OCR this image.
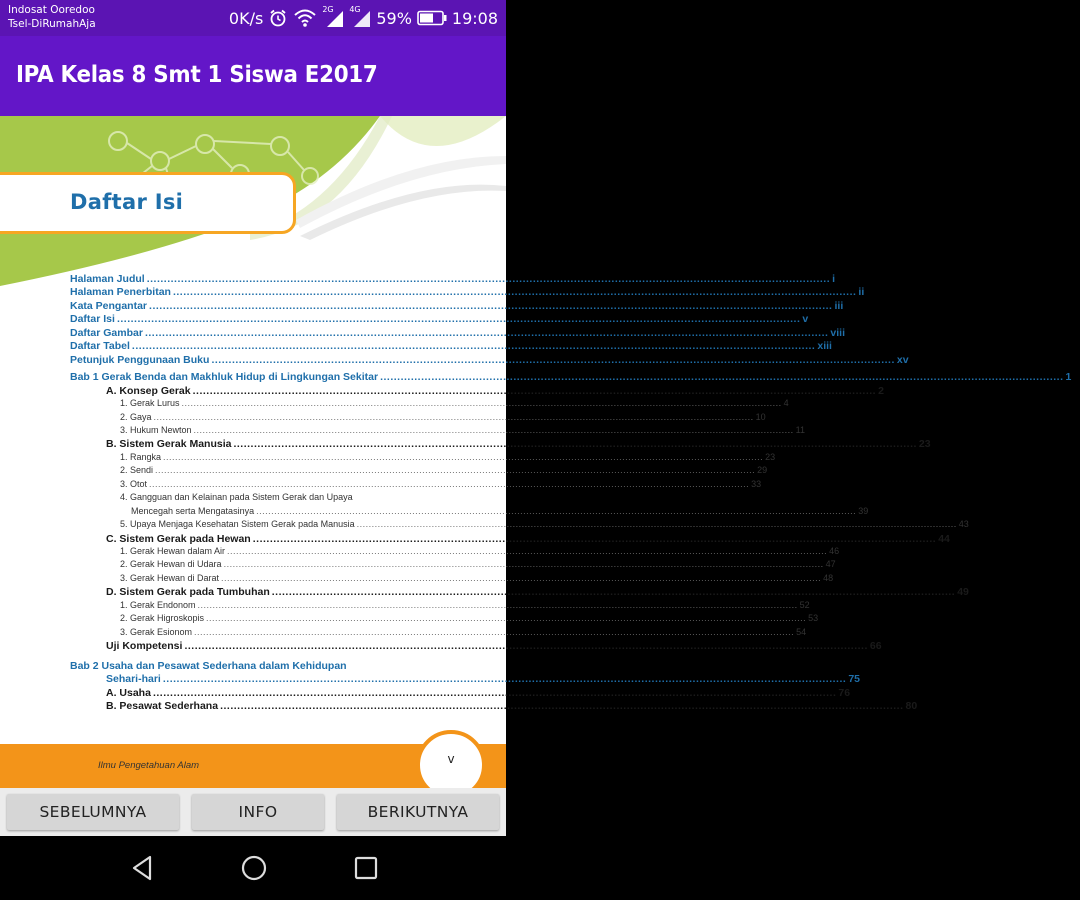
Indosat Ooredoo
Tsel-DiRumahAja	0K/s	2G 4G 59%	19:08
IPA Kelas 8 Smt 1 Siswa E2017
Daftar Isi
Halaman Judul ........................................................................................................................................................................................................ i
Halaman Penerbitan ........................................................................................................................................................................................................ ii
Kata Pengantar ........................................................................................................................................................................................................ iii
Daftar Isi ........................................................................................................................................................................................................ v
Daftar Gambar ........................................................................................................................................................................................................ viii
Daftar Tabel ........................................................................................................................................................................................................ xiii
Petunjuk Penggunaan Buku ........................................................................................................................................................................................................ xv
Bab 1 Gerak Benda dan Makhluk Hidup di Lingkungan Sekitar ........................................................................................................................................................................................................ 1
A. Konsep Gerak ........................................................................................................................................................................................................ 2
1. Gerak Lurus ........................................................................................................................................................................................................ 4
2. Gaya ........................................................................................................................................................................................................ 10
3. Hukum Newton ........................................................................................................................................................................................................ 11
B. Sistem Gerak Manusia ........................................................................................................................................................................................................ 23
1. Rangka ........................................................................................................................................................................................................ 23
2. Sendi ........................................................................................................................................................................................................ 29
3. Otot ........................................................................................................................................................................................................ 33
4. Gangguan dan Kelainan pada Sistem Gerak dan Upaya
Mencegah serta Mengatasinya ........................................................................................................................................................................................................ 39
5. Upaya Menjaga Kesehatan Sistem Gerak pada Manusia ........................................................................................................................................................................................................ 43
C. Sistem Gerak pada Hewan ........................................................................................................................................................................................................ 44
1. Gerak Hewan dalam Air ........................................................................................................................................................................................................ 46
2. Gerak Hewan di Udara ........................................................................................................................................................................................................ 47
3. Gerak Hewan di Darat ........................................................................................................................................................................................................ 48
D. Sistem Gerak pada Tumbuhan ........................................................................................................................................................................................................ 49
1. Gerak Endonom ........................................................................................................................................................................................................ 52
2. Gerak Higroskopis ........................................................................................................................................................................................................ 53
3. Gerak Esionom ........................................................................................................................................................................................................ 54
Uji Kompetensi ........................................................................................................................................................................................................ 66
Bab 2 Usaha dan Pesawat Sederhana dalam Kehidupan
Sehari-hari ........................................................................................................................................................................................................ 75
A. Usaha ........................................................................................................................................................................................................ 76
B. Pesawat Sederhana ........................................................................................................................................................................................................ 80
Ilmu Pengetahuan Alam	v
SEBELUMNYA	INFO	BERIKUTNYA
